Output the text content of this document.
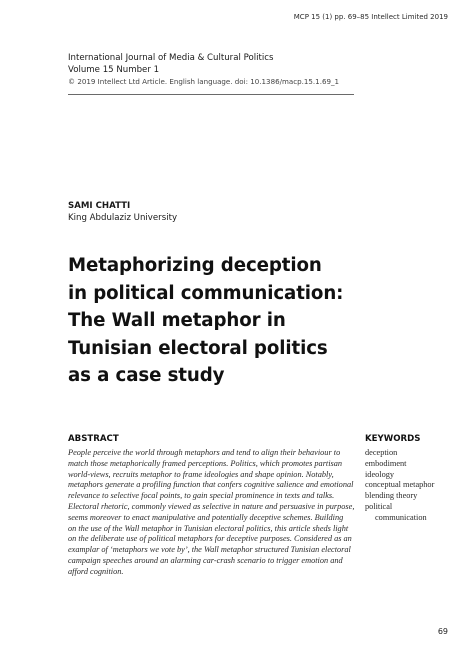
MCP 15 (1) pp. 69–85 Intellect Limited 2019
International Journal of Media & Cultural Politics
Volume 15 Number 1
© 2019 Intellect Ltd Article. English language. doi: 10.1386/macp.15.1.69_1
SAMI CHATTI
King Abdulaziz University
Metaphorizing deception
in political communication:
The Wall metaphor in
Tunisian electoral politics
as a case study
ABSTRACT	KEYWORDS
People perceive the world through metaphors and tend to align their behaviour to
match those metaphorically framed perceptions. Politics, which promotes partisan
world-views, recruits metaphor to frame ideologies and shape opinion. Notably,
metaphors generate a profiling function that confers cognitive salience and emotional
relevance to selective focal points, to gain special prominence in texts and talks.
Electoral rhetoric, commonly viewed as selective in nature and persuasive in purpose,
seems moreover to enact manipulative and potentially deceptive schemes. Building
on the use of the Wall metaphor in Tunisian electoral politics, this article sheds light
on the deliberate use of political metaphors for deceptive purposes. Considered as an
examplar of ‘metaphors we vote by’, the Wall metaphor structured Tunisian electoral
campaign speeches around an alarming car-crash scenario to trigger emotion and
afford cognition.
deception
embodiment
ideology
conceptual metaphor
blending theory
political
communication
69
